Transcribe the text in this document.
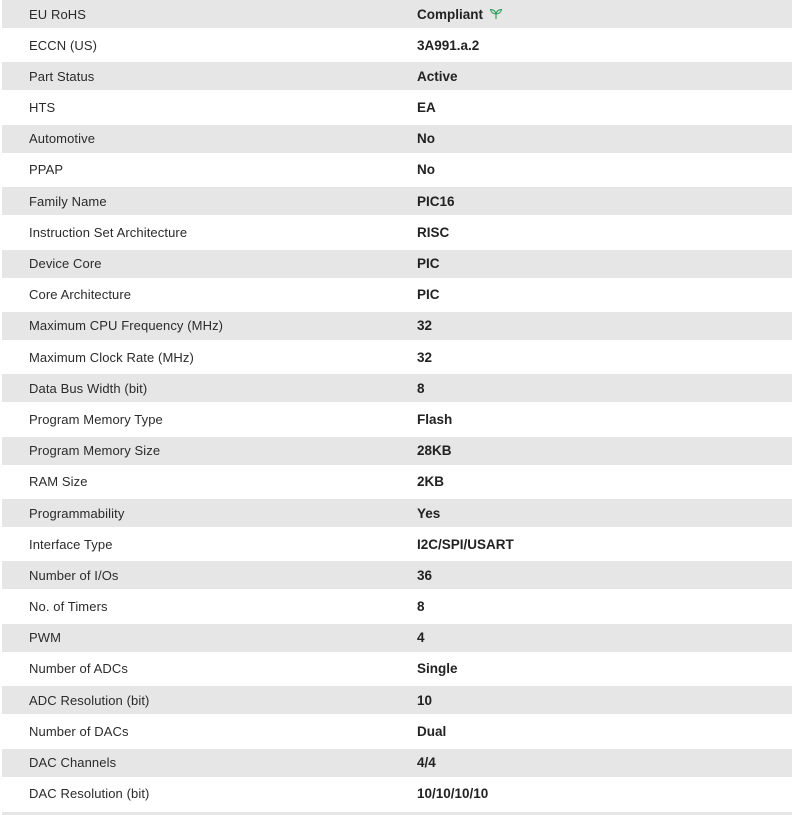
EU RoHS	Compliant
ECCN (US)	3A991.a.2
Part Status	Active
HTS	EA
Automotive	No
PPAP	No
Family Name	PIC16
Instruction Set Architecture	RISC
Device Core	PIC
Core Architecture	PIC
Maximum CPU Frequency (MHz)	32
Maximum Clock Rate (MHz)	32
Data Bus Width (bit)	8
Program Memory Type	Flash
Program Memory Size	28KB
RAM Size	2KB
Programmability	Yes
Interface Type	I2C/SPI/USART
Number of I/Os	36
No. of Timers	8
PWM	4
Number of ADCs	Single
ADC Resolution (bit)	10
Number of DACs	Dual
DAC Channels	4/4
DAC Resolution (bit)	10/10/10/10
